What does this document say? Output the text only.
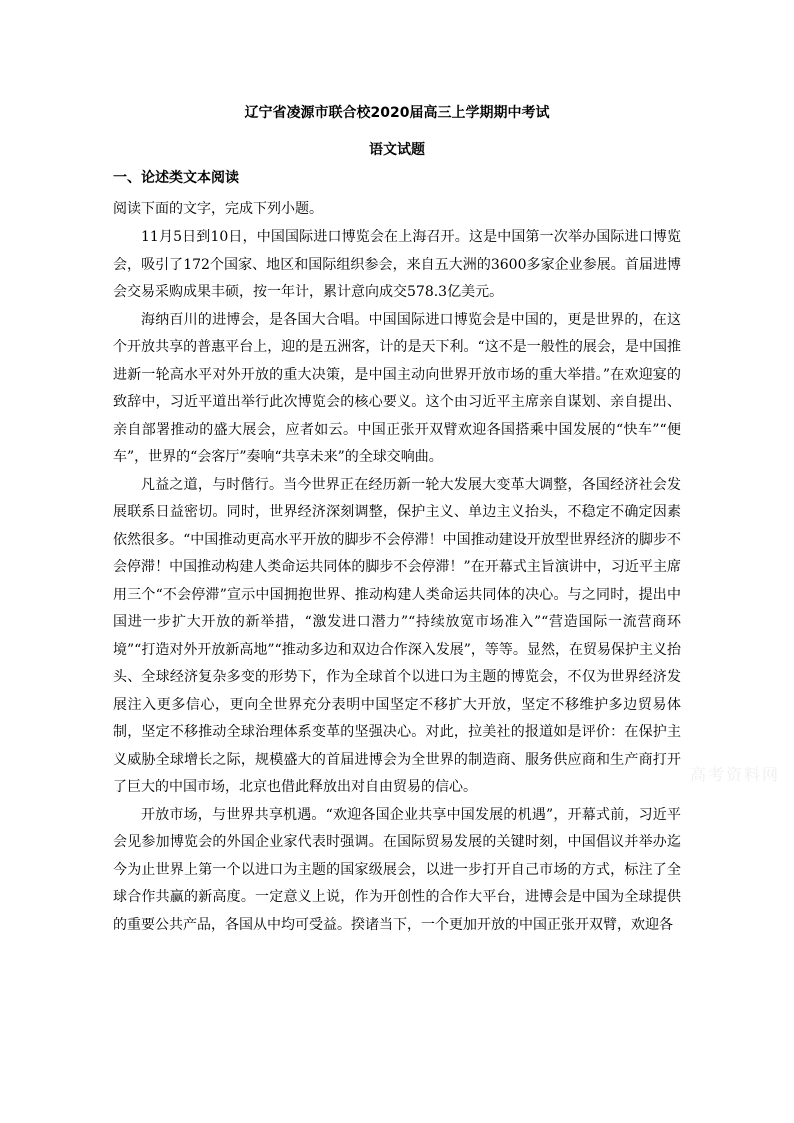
辽宁省凌源市联合校2020届高三上学期期中考试
语文试题
一、论述类文本阅读
阅读下面的文字，完成下列小题。

11月5日到10日，中国国际进口博览会在上海召开。这是中国第一次举办国际进口博览会，吸引了172个国家、地区和国际组织参会，来自五大洲的3600多家企业参展。首届进博会交易采购成果丰硕，按一年计，累计意向成交578.3亿美元。

海纳百川的进博会，是各国大合唱。中国国际进口博览会是中国的，更是世界的，在这个开放共享的普惠平台上，迎的是五洲客，计的是天下利。“这不是一般性的展会，是中国推进新一轮高水平对外开放的重大决策，是中国主动向世界开放市场的重大举措。”在欢迎宴的致辞中，习近平道出举行此次博览会的核心要义。这个由习近平主席亲自谋划、亲自提出、亲自部署推动的盛大展会，应者如云。中国正张开双臂欢迎各国搭乘中国发展的“快车”“便车”，世界的“会客厅”奏响“共享未来”的全球交响曲。

凡益之道，与时偕行。当今世界正在经历新一轮大发展大变革大调整，各国经济社会发展联系日益密切。同时，世界经济深刻调整，保护主义、单边主义抬头，不稳定不确定因素依然很多。“中国推动更高水平开放的脚步不会停滞！中国推动建设开放型世界经济的脚步不会停滞！中国推动构建人类命运共同体的脚步不会停滞！”在开幕式主旨演讲中，习近平主席用三个“不会停滞”宣示中国拥抱世界、推动构建人类命运共同体的决心。与之同时，提出中国进一步扩大开放的新举措，“激发进口潜力”“持续放宽市场准入”“营造国际一流营商环境”“打造对外开放新高地”“推动多边和双边合作深入发展”，等等。显然，在贸易保护主义抬头、全球经济复杂多变的形势下，作为全球首个以进口为主题的博览会，不仅为世界经济发展注入更多信心，更向全世界充分表明中国坚定不移扩大开放，坚定不移维护多边贸易体制，坚定不移推动全球治理体系变革的坚强决心。对此，拉美社的报道如是评价：在保护主义威胁全球增长之际，规模盛大的首届进博会为全世界的制造商、服务供应商和生产商打开了巨大的中国市场，北京也借此释放出对自由贸易的信心。

开放市场，与世界共享机遇。“欢迎各国企业共享中国发展的机遇”，开幕式前，习近平会见参加博览会的外国企业家代表时强调。在国际贸易发展的关键时刻，中国倡议并举办迄今为止世界上第一个以进口为主题的国家级展会，以进一步打开自己市场的方式，标注了全球合作共赢的新高度。一定意义上说，作为开创性的合作大平台，进博会是中国为全球提供的重要公共产品，各国从中均可受益。揆诸当下，一个更加开放的中国正张开双臂，欢迎各

高考资料网
